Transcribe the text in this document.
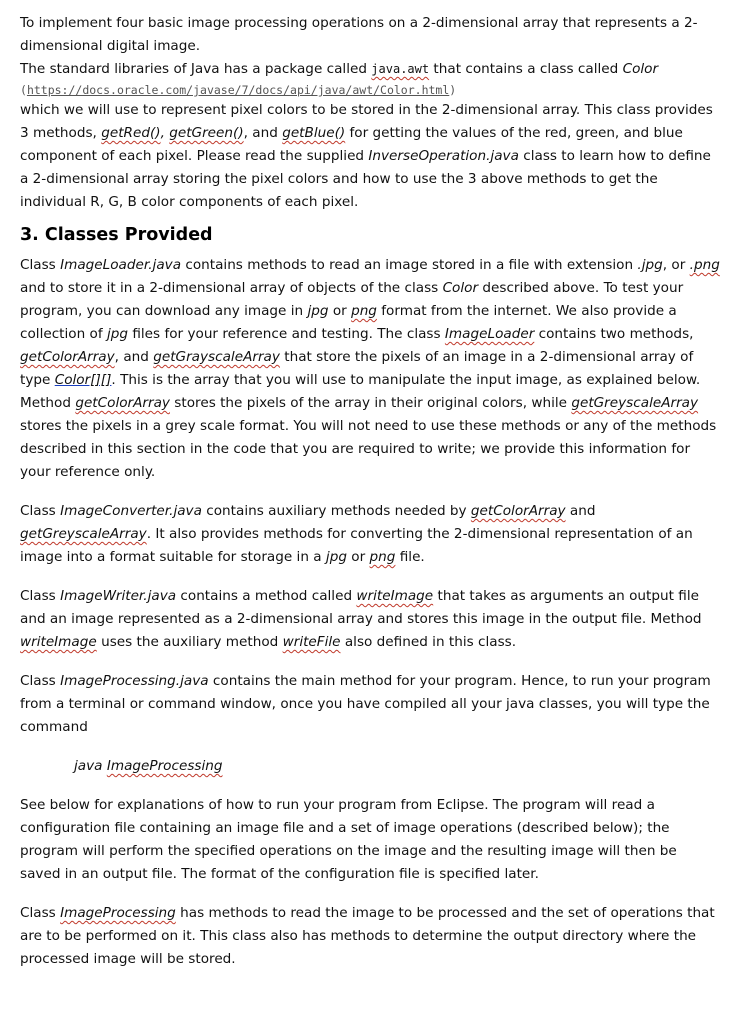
To implement four basic image processing operations on a 2-dimensional array that represents a 2-dimensional digital image.

The standard libraries of Java has a package called java.awt that contains a class called Color
(https://docs.oracle.com/javase/7/docs/api/java/awt/Color.html)
which we will use to represent pixel colors to be stored in the 2-dimensional array. This class provides 3 methods, getRed(), getGreen(), and getBlue() for getting the values of the red, green, and blue component of each pixel. Please read the supplied InverseOperation.java class to learn how to define a 2-dimensional array storing the pixel colors and how to use the 3 above methods to get the individual R, G, B color components of each pixel.

3. Classes Provided

Class ImageLoader.java contains methods to read an image stored in a file with extension .jpg, or .png and to store it in a 2-dimensional array of objects of the class Color described above. To test your program, you can download any image in jpg or png format from the internet. We also provide a collection of jpg files for your reference and testing. The class ImageLoader contains two methods, getColorArray, and getGrayscaleArray that store the pixels of an image in a 2-dimensional array of type Color[][]. This is the array that you will use to manipulate the input image, as explained below. Method getColorArray stores the pixels of the array in their original colors, while getGreyscaleArray stores the pixels in a grey scale format. You will not need to use these methods or any of the methods described in this section in the code that you are required to write; we provide this information for your reference only.

Class ImageConverter.java contains auxiliary methods needed by getColorArray and getGreyscaleArray. It also provides methods for converting the 2-dimensional representation of an image into a format suitable for storage in a jpg or png file.

Class ImageWriter.java contains a method called writeImage that takes as arguments an output file and an image represented as a 2-dimensional array and stores this image in the output file. Method writeImage uses the auxiliary method writeFile also defined in this class.

Class ImageProcessing.java contains the main method for your program. Hence, to run your program from a terminal or command window, once you have compiled all your java classes, you will type the command

java ImageProcessing

See below for explanations of how to run your program from Eclipse. The program will read a configuration file containing an image file and a set of image operations (described below); the program will perform the specified operations on the image and the resulting image will then be saved in an output file. The format of the configuration file is specified later.

Class ImageProcessing has methods to read the image to be processed and the set of operations that are to be performed on it. This class also has methods to determine the output directory where the processed image will be stored.
